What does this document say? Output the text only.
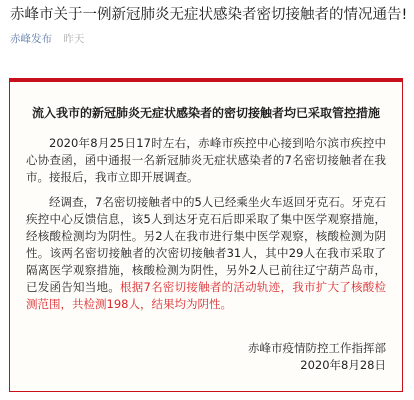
赤峰市关于一例新冠肺炎无症状感染者密切接触者的情况通告!
赤峰发布 昨天
流入我市的新冠肺炎无症状感染者的密切接触者均已采取管控措施
2020年8月25日17时左右，赤峰市疾控中心接到哈尔滨市疾控中心协查函，函中通报一名新冠肺炎无症状感染者的7名密切接触者在我市。接报后，我市立即开展调查。
经调查，7名密切接触者中的5人已经乘坐火车返回牙克石。牙克石疾控中心反馈信息，该5人到达牙克石后即采取了集中医学观察措施，经核酸检测均为阴性。另2人在我市进行集中医学观察，核酸检测为阴性。该两名密切接触者的次密切接触者31人，其中29人在我市采取了隔离医学观察措施，核酸检测为阴性，另外2人已前往辽宁葫芦岛市，已发函告知当地。根据7名密切接触者的活动轨迹，我市扩大了核酸检测范围，共检测198人，结果均为阴性。
赤峰市疫情防控工作指挥部
2020年8月28日
